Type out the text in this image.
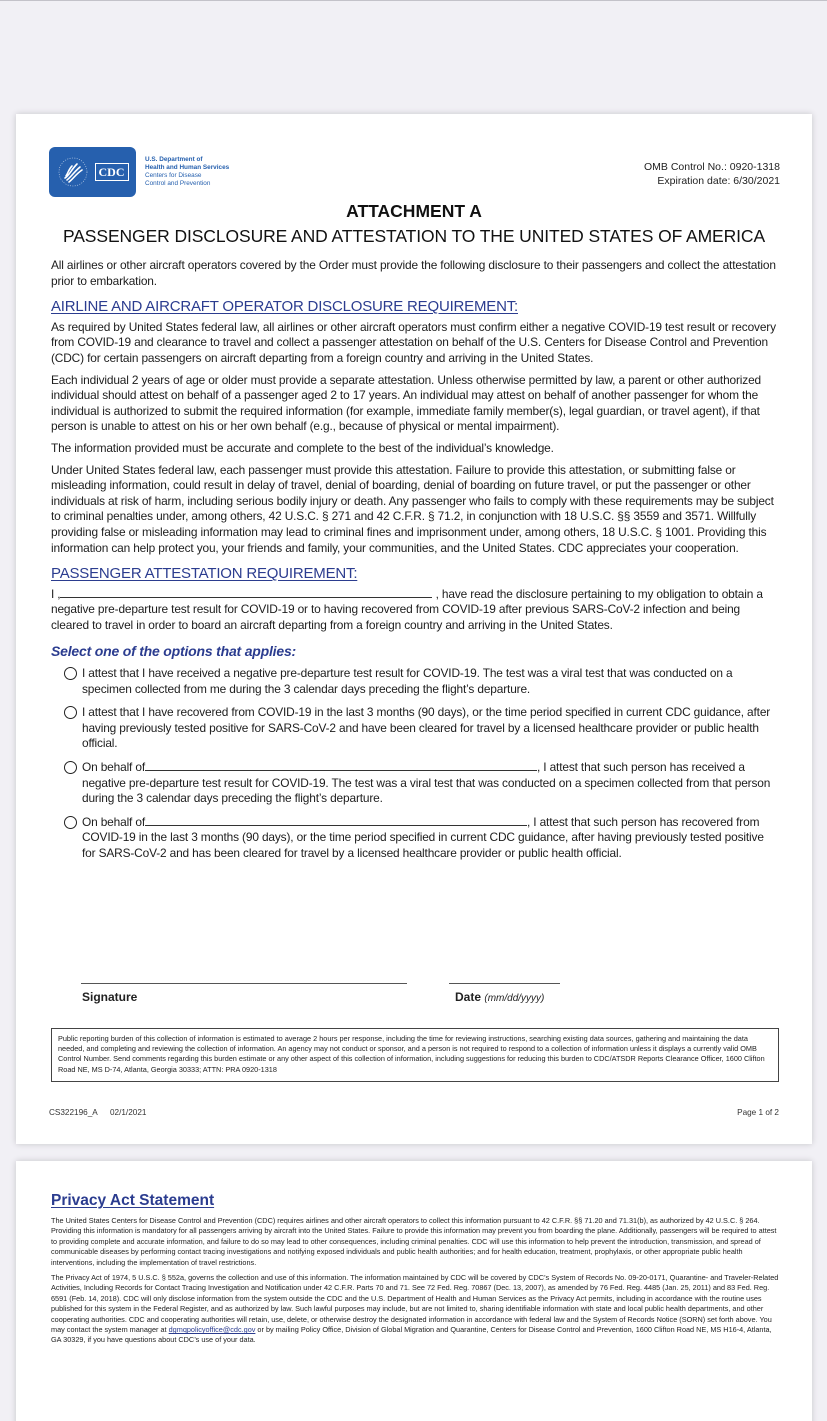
CDC
U.S. Department of
Health and Human Services
Centers for Disease
Control and Prevention
OMB Control No.: 0920-1318
Expiration date: 6/30/2021
ATTACHMENT A
PASSENGER DISCLOSURE AND ATTESTATION TO THE UNITED STATES OF AMERICA

All airlines or other aircraft operators covered by the Order must provide the following disclosure to their passengers and collect the attestation prior to embarkation.

AIRLINE AND AIRCRAFT OPERATOR DISCLOSURE REQUIREMENT:

As required by United States federal law, all airlines or other aircraft operators must confirm either a negative COVID-19 test result or recovery from COVID-19 and clearance to travel and collect a passenger attestation on behalf of the U.S. Centers for Disease Control and Prevention (CDC) for certain passengers on aircraft departing from a foreign country and arriving in the United States.

Each individual 2 years of age or older must provide a separate attestation. Unless otherwise permitted by law, a parent or other authorized individual should attest on behalf of a passenger aged 2 to 17 years. An individual may attest on behalf of another passenger for whom the individual is authorized to submit the required information (for example, immediate family member(s), legal guardian, or travel agent), if that person is unable to attest on his or her own behalf (e.g., because of physical or mental impairment).

The information provided must be accurate and complete to the best of the individual’s knowledge.

Under United States federal law, each passenger must provide this attestation. Failure to provide this attestation, or submitting false or misleading information, could result in delay of travel, denial of boarding, denial of boarding on future travel, or put the passenger or other individuals at risk of harm, including serious bodily injury or death. Any passenger who fails to comply with these requirements may be subject to criminal penalties under, among others, 42 U.S.C. § 271 and 42 C.F.R. § 71.2, in conjunction with 18 U.S.C. §§ 3559 and 3571. Willfully providing false or misleading information may lead to criminal fines and imprisonment under, among others, 18 U.S.C. § 1001. Providing this information can help protect you, your friends and family, your communities, and the United States. CDC appreciates your cooperation.

PASSENGER ATTESTATION REQUIREMENT:

I ,	, have read the disclosure pertaining to my obligation to obtain a negative pre-departure test result for COVID-19 or to having recovered from COVID-19 after previous SARS-CoV-2 infection and being cleared to travel in order to board an aircraft departing from a foreign country and arriving in the United States.

Select one of the options that applies:
I attest that I have received a negative pre-departure test result for COVID-19. The test was a viral test that was conducted on a specimen collected from me during the 3 calendar days preceding the flight’s departure.
I attest that I have recovered from COVID-19 in the last 3 months (90 days), or the time period specified in current CDC guidance, after having previously tested positive for SARS-CoV-2 and have been cleared for travel by a licensed healthcare provider or public health official.
On behalf of	, I attest that such person has received a negative pre-departure test result for COVID-19. The test was a viral test that was conducted on a specimen collected from that person during the 3 calendar days preceding the flight’s departure.
On behalf of	, I attest that such person has recovered from COVID-19 in the last 3 months (90 days), or the time period specified in current CDC guidance, after having previously tested positive for SARS-CoV-2 and has been cleared for travel by a licensed healthcare provider or public health official.
Signature	Date (mm/dd/yyyy)
Public reporting burden of this collection of information is estimated to average 2 hours per response, including the time for reviewing instructions, searching existing data sources, gathering and maintaining the data needed, and completing and reviewing the collection of information. An agency may not conduct or sponsor, and a person is not required to respond to a collection of information unless it displays a currently valid OMB Control Number. Send comments regarding this burden estimate or any other aspect of this collection of information, including suggestions for reducing this burden to CDC/ATSDR Reports Clearance Officer, 1600 Clifton Road NE, MS D-74, Atlanta, Georgia 30333; ATTN: PRA 0920-1318
CS322196_A 02/1/2021	Page 1 of 2
Privacy Act Statement

The United States Centers for Disease Control and Prevention (CDC) requires airlines and other aircraft operators to collect this information pursuant to 42 C.F.R. §§ 71.20 and 71.31(b), as authorized by 42 U.S.C. § 264. Providing this information is mandatory for all passengers arriving by aircraft into the United States. Failure to provide this information may prevent you from boarding the plane. Additionally, passengers will be required to attest to providing complete and accurate information, and failure to do so may lead to other consequences, including criminal penalties. CDC will use this information to help prevent the introduction, transmission, and spread of communicable diseases by performing contact tracing investigations and notifying exposed individuals and public health authorities; and for health education, treatment, prophylaxis, or other appropriate public health interventions, including the implementation of travel restrictions.

The Privacy Act of 1974, 5 U.S.C. § 552a, governs the collection and use of this information. The information maintained by CDC will be covered by CDC’s System of Records No. 09-20-0171, Quarantine- and Traveler-Related Activities, Including Records for Contact Tracing Investigation and Notification under 42 C.F.R. Parts 70 and 71. See 72 Fed. Reg. 70867 (Dec. 13, 2007), as amended by 76 Fed. Reg. 4485 (Jan. 25, 2011) and 83 Fed. Reg. 6591 (Feb. 14, 2018). CDC will only disclose information from the system outside the CDC and the U.S. Department of Health and Human Services as the Privacy Act permits, including in accordance with the routine uses published for this system in the Federal Register, and as authorized by law. Such lawful purposes may include, but are not limited to, sharing identifiable information with state and local public health departments, and other cooperating authorities. CDC and cooperating authorities will retain, use, delete, or otherwise destroy the designated information in accordance with federal law and the System of Records Notice (SORN) set forth above. You may contact the system manager at dgmqpolicyoffice@cdc.gov or by mailing Policy Office, Division of Global Migration and Quarantine, Centers for Disease Control and Prevention, 1600 Clifton Road NE, MS H16-4, Atlanta, GA 30329, if you have questions about CDC’s use of your data.
